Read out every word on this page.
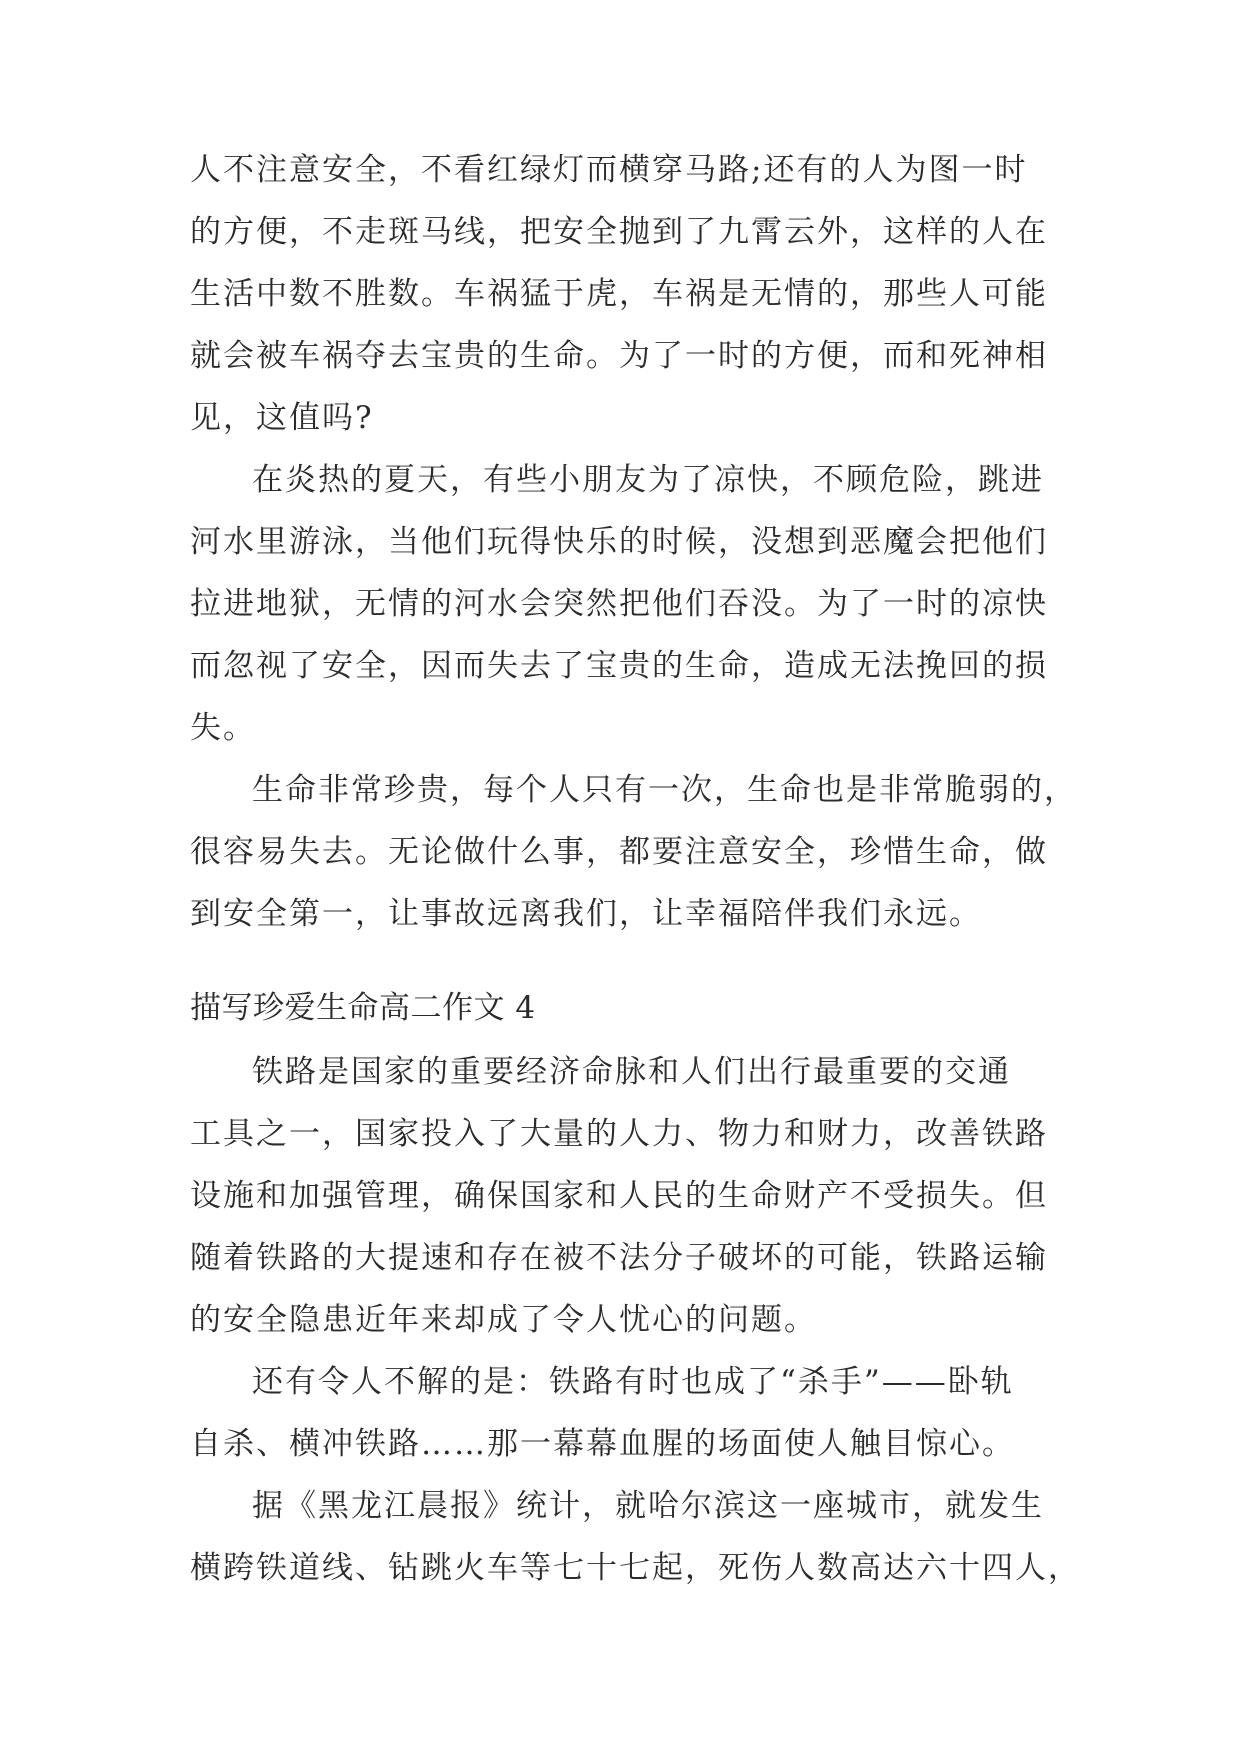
人不注意安全，不看红绿灯而横穿马路;还有的人为图一时
的方便，不走斑马线，把安全抛到了九霄云外，这样的人在
生活中数不胜数。车祸猛于虎，车祸是无情的，那些人可能
就会被车祸夺去宝贵的生命。为了一时的方便，而和死神相
见，这值吗?
在炎热的夏天，有些小朋友为了凉快，不顾危险，跳进
河水里游泳，当他们玩得快乐的时候，没想到恶魔会把他们
拉进地狱，无情的河水会突然把他们吞没。为了一时的凉快
而忽视了安全，因而失去了宝贵的生命，造成无法挽回的损
失。
生命非常珍贵，每个人只有一次，生命也是非常脆弱的，
很容易失去。无论做什么事，都要注意安全，珍惜生命，做
到安全第一，让事故远离我们，让幸福陪伴我们永远。
描写珍爱生命高二作文 4
铁路是国家的重要经济命脉和人们出行最重要的交通
工具之一，国家投入了大量的人力、物力和财力，改善铁路
设施和加强管理，确保国家和人民的生命财产不受损失。但
随着铁路的大提速和存在被不法分子破坏的可能，铁路运输
的安全隐患近年来却成了令人忧心的问题。
还有令人不解的是：铁路有时也成了“杀手”——卧轨
自杀、横冲铁路……那一幕幕血腥的场面使人触目惊心。
据《黑龙江晨报》统计，就哈尔滨这一座城市，就发生
横跨铁道线、钻跳火车等七十七起，死伤人数高达六十四人，
